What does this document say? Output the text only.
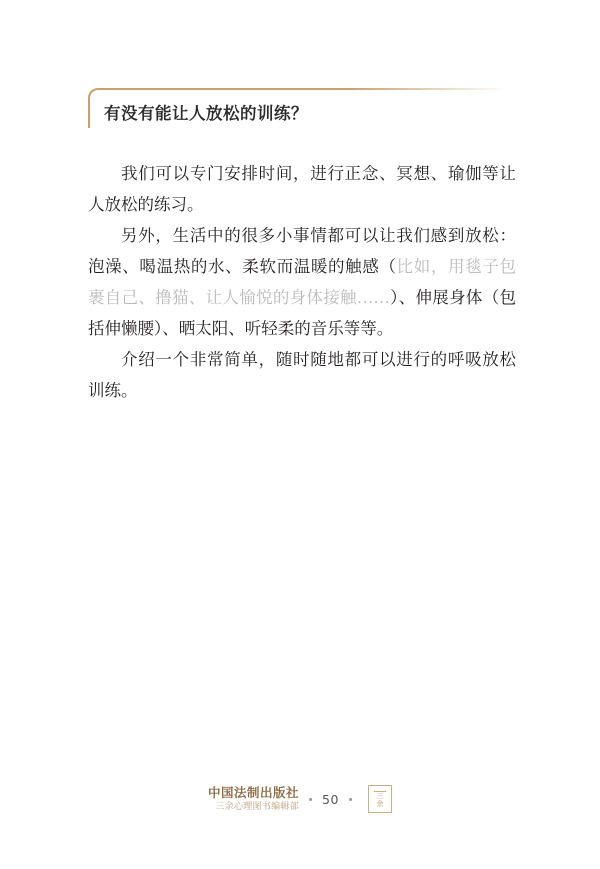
有没有能让人放松的训练？

我们可以专门安排时间，进行正念、冥想、瑜伽等让人放松的练习。

另外，生活中的很多小事情都可以让我们感到放松：泡澡、喝温热的水、柔软而温暖的触感（比如，用毯子包裹自己、撸猫、让人愉悦的身体接触……）、伸展身体（包括伸懒腰）、晒太阳、听轻柔的音乐等等。

介绍一个非常简单，随时随地都可以进行的呼吸放松训练。

中国法制出版社
三余心理图书编辑部
50	三
余
